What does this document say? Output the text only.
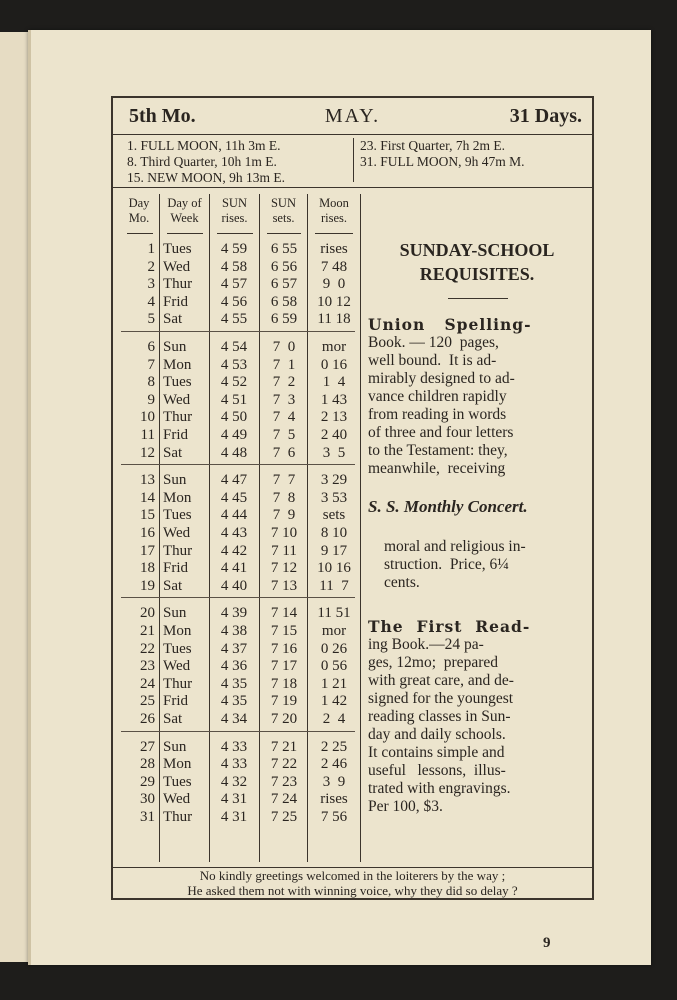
MAY.
5th Mo.	31 Days.
1. FULL MOON, 11h 3m E.
8. Third Quarter, 10h 1m E.
15. NEW MOON, 9h 13m E.
23. First Quarter, 7h 2m E.
31. FULL MOON, 9h 47m M.
Day
Mo.
Day of
Week
SUN
rises.
SUN
sets.
Moon
rises.
1 Tues	4 59	6 55	rises
2 Wed	4 58	6 56	7 48
3 Thur	4 57	6 57	9  0
4 Frid	4 56	6 58	10 12
5 Sat	4 55	6 59	11 18
6 Sun	4 54	7  0	mor
7 Mon	4 53	7  1	0 16
8 Tues	4 52	7  2	1  4
9 Wed	4 51	7  3	1 43
10 Thur	4 50	7  4	2 13
11 Frid	4 49	7  5	2 40
12 Sat	4 48	7  6	3  5
13 Sun	4 47	7  7	3 29
14 Mon	4 45	7  8	3 53
15 Tues	4 44	7  9	sets
16 Wed	4 43	7 10	8 10
17 Thur	4 42	7 11	9 17
18 Frid	4 41	7 12	10 16
19 Sat	4 40	7 13	11  7
20 Sun	4 39	7 14	11 51
21 Mon	4 38	7 15	mor
22 Tues	4 37	7 16	0 26
23 Wed	4 36	7 17	0 56
24 Thur	4 35	7 18	1 21
25 Frid	4 35	7 19	1 42
26 Sat	4 34	7 20	2  4
27 Sun	4 33	7 21	2 25
28 Mon	4 33	7 22	2 46
29 Tues	4 32	7 23	3  9
30 Wed	4 31	7 24	rises
31 Thur	4 31	7 25	7 56
SUNDAY-SCHOOL
REQUISITES.
Union   Spelling-
Book. — 120  pages,
well bound.  It is ad-
mirably designed to ad-
vance children rapidly
from reading in words
of three and four letters
to the Testament: they,
meanwhile,  receiving
S. S. Monthly Concert.
moral and religious in-
struction.  Price, 6¼
cents.
The  First  Read-
ing Book.—24 pa-
ges, 12mo;  prepared
with great care, and de-
signed for the youngest
reading classes in Sun-
day and daily schools.
It contains simple and
useful   lessons,  illus-
trated with engravings.
Per 100, $3.
No kindly greetings welcomed in the loiterers by the way ;
He asked them not with winning voice, why they did so delay ?
9
